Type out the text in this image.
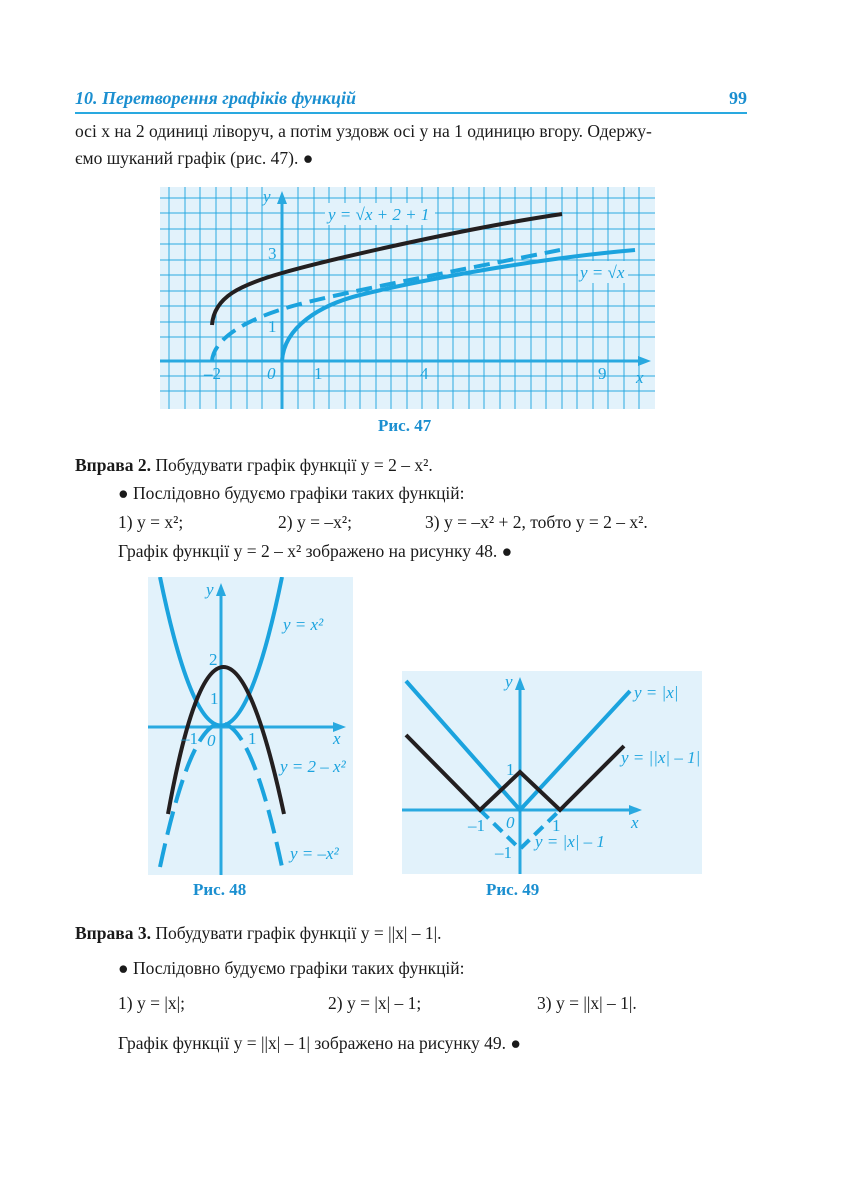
10. Перетворення графіків функцій	99
осі x на 2 одиниці ліворуч, а потім уздовж осі y на 1 одиницю вгору. Одержу-
ємо шуканий графік (рис. 47). ●
y = √x + 2 + 1
y = √x
–2	0 1	4	9
3
1
x
y
Рис. 47
Вправа 2. Побудувати графік функції y = 2 – x².
● Послідовно будуємо графіки таких функцій:
1) y = x²;	2) y = –x²;	3) y = –x² + 2, тобто y = 2 – x².
Графік функції y = 2 – x² зображено на рисунку 48. ●
y = x²
y = 2 – x²
y = –x²
–1 0 1
1
2
x
y
Рис. 48
y = |x|
y = ||x| – 1|
y = |x| – 1
–1 0 1
1
–1
x
y
Рис. 49
Вправа 3. Побудувати графік функції y = ||x| – 1|.
● Послідовно будуємо графіки таких функцій:
1) y = |x|;	2) y = |x| – 1;	3) y = ||x| – 1|.
Графік функції y = ||x| – 1| зображено на рисунку 49. ●
